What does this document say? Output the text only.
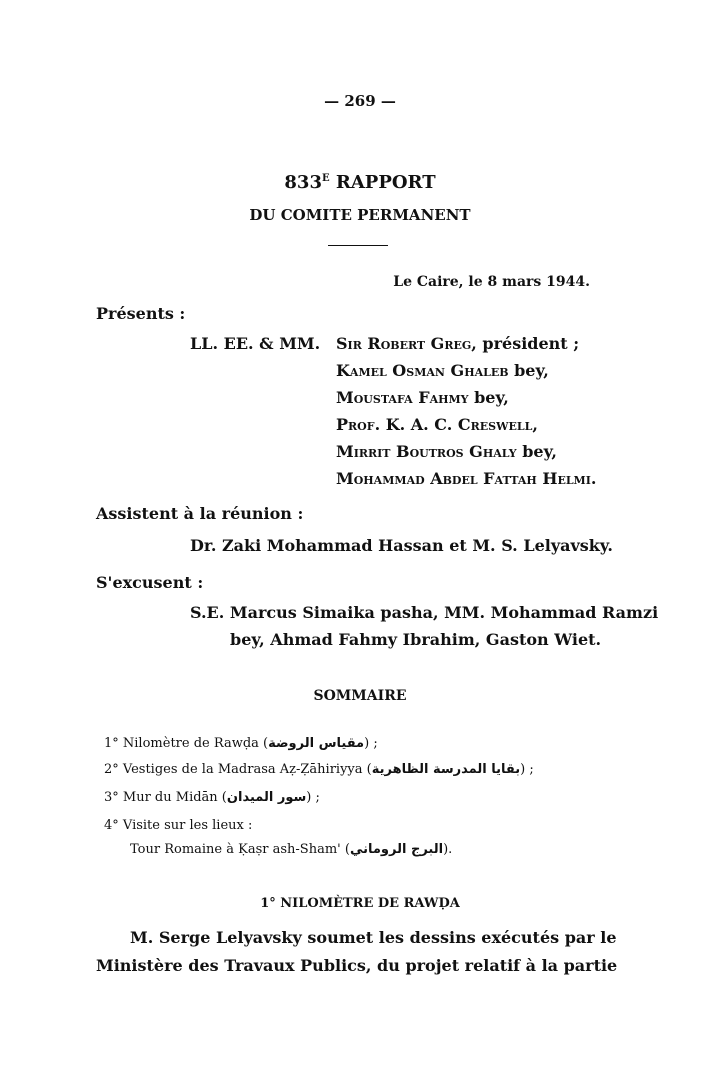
— 269 —
$833^E$ RAPPORT
DU COMITE PERMANENT
Le Caire, le 8 mars 1944.
Présents :
LL. EE. & MM. Sir Robert Greg, président ;
Kamel Osman Ghaleb bey,
Moustafa Fahmy bey,
Prof. K. A. C. Creswell,
Mirrit Boutros Ghaly bey,
Mohammad Abdel Fattah Helmi.
Assistent à la réunion :
Dr. Zaki Mohammad Hassan et M. S. Lelyavsky.
S'excusent :
S.E. Marcus Simaika pasha, MM. Mohammad Ramzi
bey, Ahmad Fahmy Ibrahim, Gaston Wiet.
SOMMAIRE
1° Nilomètre de Rawḍa (مقياس الروضة) ;
2° Vestiges de la Madrasa Aẓ-Ẓāhiriyya (بقايا المدرسة الظاهرية) ;
3° Mur du Midān (سور الميدان) ;
4° Visite sur les lieux :
Tour Romaine à Ḳaṣr ash-Sham' (البرج الروماني).
1° NILOMÈTRE DE RAWḌA
M. Serge Lelyavsky soumet les dessins exécutés par le
Ministère des Travaux Publics, du projet relatif à la partie
